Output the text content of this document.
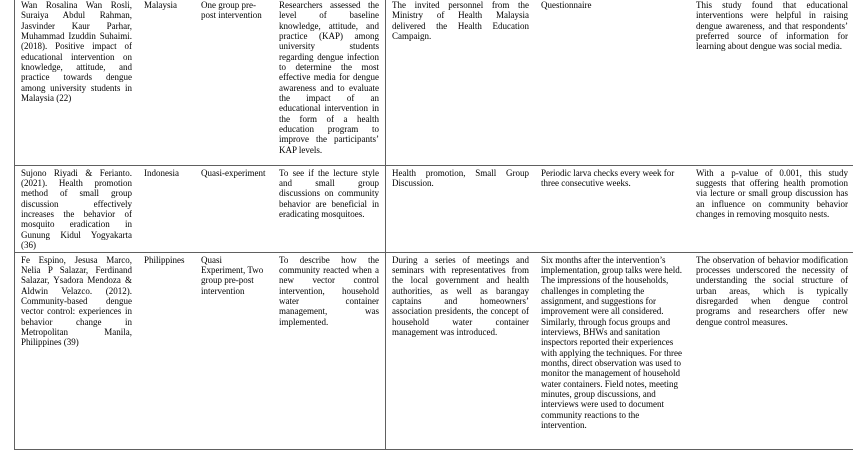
Wan Rosalina Wan Rosli, Suraiya Abdul Rahman, Jasvinder Kaur Parhar, Muhammad Izuddin Suhaimi. (2018). Positive impact of educational intervention on knowledge, attitude, and practice towards dengue among university students in Malaysia (22)	Malaysia	One group pre-post intervention	Researchers assessed the level of baseline knowledge, attitude, and practice (KAP) among university students regarding dengue infection to determine the most effective media for dengue awareness and to evaluate the impact of an educational intervention in the form of a health education program to improve the participants’ KAP levels.	The invited personnel from the Ministry of Health Malaysia delivered the Health Education Campaign.	Questionnaire	This study found that educational interventions were helpful in raising dengue awareness, and that respondents’ preferred source of information for learning about dengue was social media.
Sujono Riyadi & Ferianto. (2021). Health promotion method of small group discussion effectively increases the behavior of mosquito eradication in Gunung Kidul Yogyakarta (36)	Indonesia	Quasi-experiment	To see if the lecture style and small group discussions on community behavior are beneficial in eradicating mosquitoes.	Health promotion, Small Group Discussion.	Periodic larva checks every week for three consecutive weeks.	With a p-value of 0.001, this study suggests that offering health promotion via lecture or small group discussion has an influence on community behavior changes in removing mosquito nests.
Fe Espino, Jesusa Marco, Nelia P Salazar, Ferdinand Salazar, Ysadora Mendoza & Aldwin Velazco. (2012). Community-based dengue vector control: experiences in behavior change in Metropolitan Manila, Philippines (39)	Philippines	Quasi Experiment, Two group pre-post intervention	To describe how the community reacted when a new vector control intervention, household water container management, was implemented.	During a series of meetings and seminars with representatives from the local government and health authorities, as well as barangay captains and homeowners’ association presidents, the concept of household water container management was introduced.	Six months after the intervention’s implementation, group talks were held. The impressions of the households, challenges in completing the assignment, and suggestions for improvement were all considered. Similarly, through focus groups and interviews, BHWs and sanitation inspectors reported their experiences with applying the techniques. For three months, direct observation was used to monitor the management of household water containers. Field notes, meeting minutes, group discussions, and interviews were used to document community reactions to the intervention.	The observation of behavior modification processes underscored the necessity of understanding the social structure of urban areas, which is typically disregarded when dengue control programs and researchers offer new dengue control measures.
